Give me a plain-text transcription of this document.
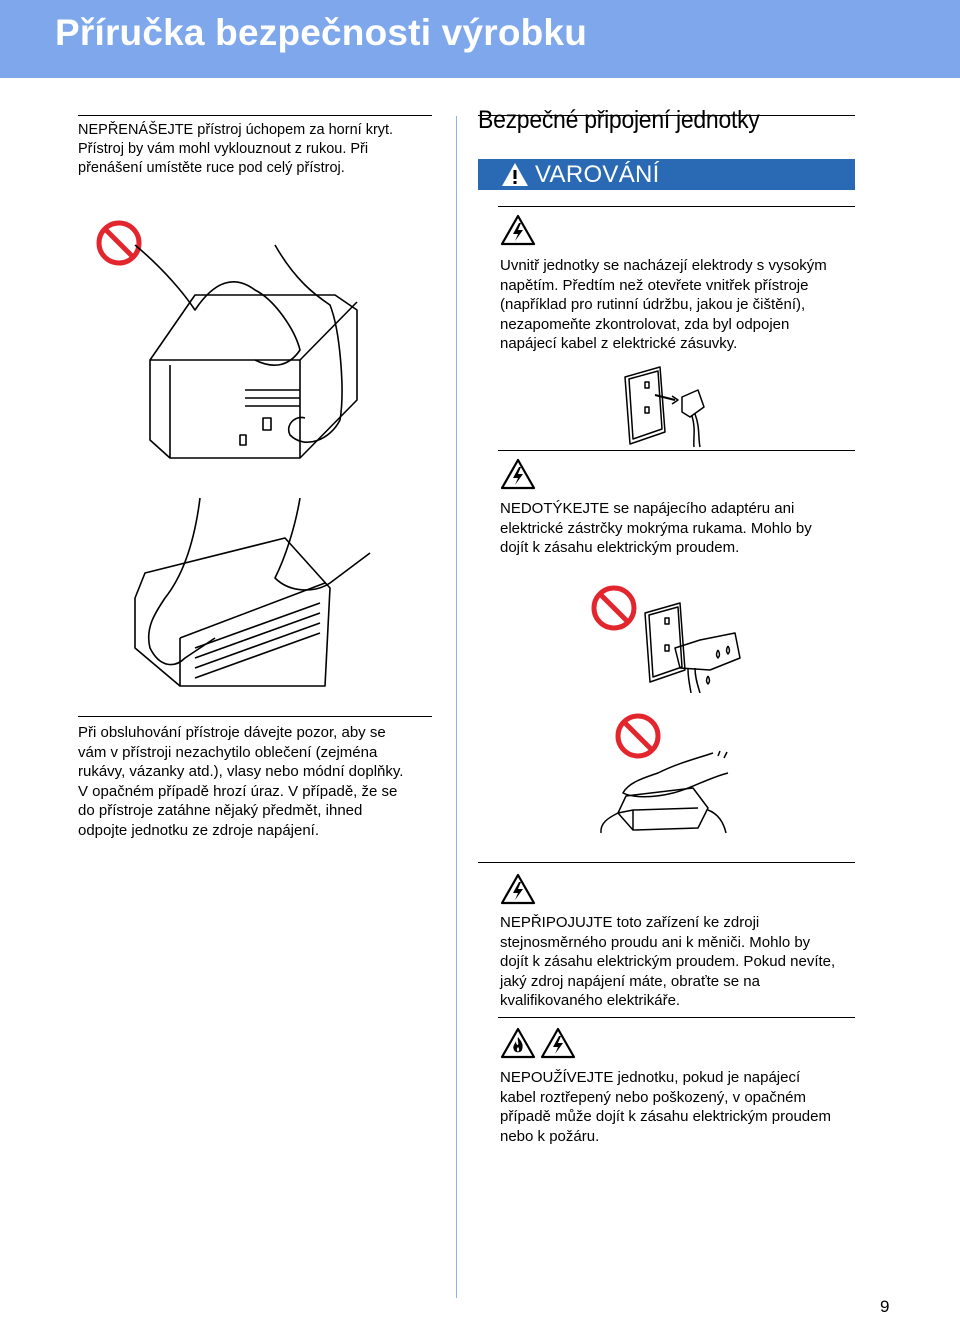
Příručka bezpečnosti výrobku
NEPŘENÁŠEJTE přístroj úchopem za horní kryt.
Přístroj by vám mohl vyklouznout z rukou. Při
přenášení umístěte ruce pod celý přístroj.
Při obsluhování přístroje dávejte pozor, aby se
vám v přístroji nezachytilo oblečení (zejména
rukávy, vázanky atd.), vlasy nebo módní doplňky.
V opačném případě hrozí úraz. V případě, že se
do přístroje zatáhne nějaký předmět, ihned
odpojte jednotku ze zdroje napájení.
Bezpečné připojení jednotky
VAROVÁNÍ
Uvnitř jednotky se nacházejí elektrody s vysokým
napětím. Předtím než otevřete vnitřek přístroje
(například pro rutinní údržbu, jakou je čištění),
nezapomeňte zkontrolovat, zda byl odpojen
napájecí kabel z elektrické zásuvky.
NEDOTÝKEJTE se napájecího adaptéru ani
elektrické zástrčky mokrýma rukama. Mohlo by
dojít k zásahu elektrickým proudem.
NEPŘIPOJUJTE toto zařízení ke zdroji
stejnosměrného proudu ani k měniči. Mohlo by
dojít k zásahu elektrickým proudem. Pokud nevíte,
jaký zdroj napájení máte, obraťte se na
kvalifikovaného elektrikáře.
NEPOUŽÍVEJTE jednotku, pokud je napájecí
kabel roztřepený nebo poškozený, v opačném
případě může dojít k zásahu elektrickým proudem
nebo k požáru.
9
